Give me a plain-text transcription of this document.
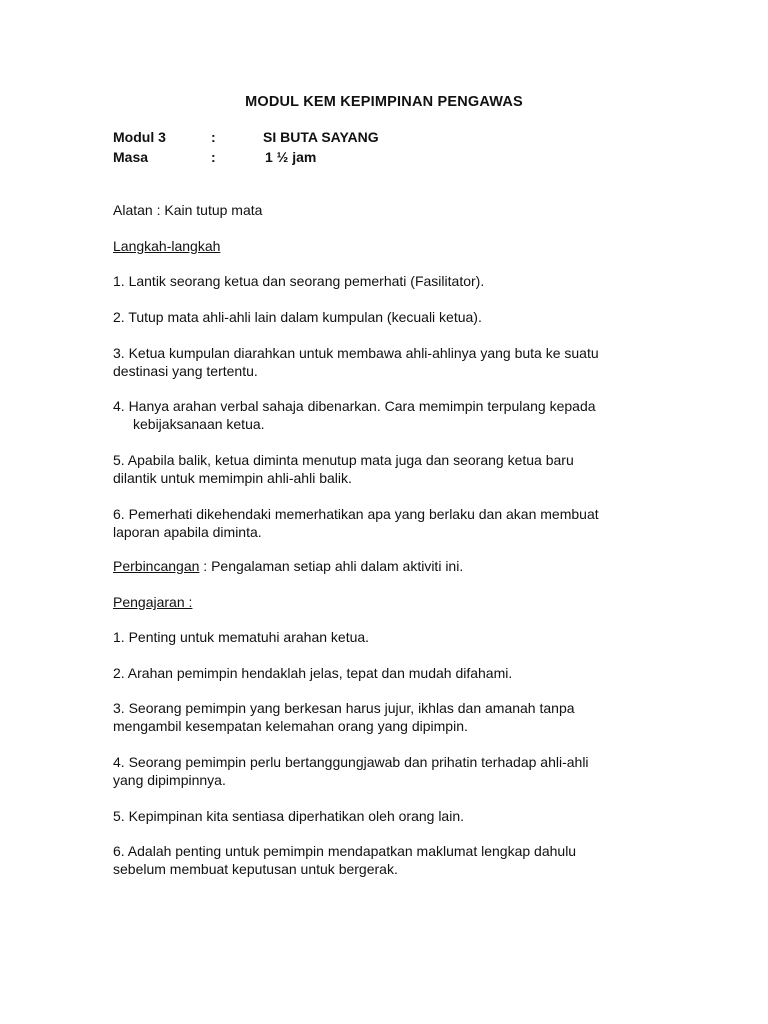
MODUL KEM KEPIMPINAN PENGAWAS
Modul 3	:	SI BUTA SAYANG
Masa	:	1 ½ jam
Alatan : Kain tutup mata
Langkah-langkah

1. Lantik seorang ketua dan seorang pemerhati (Fasilitator).

2. Tutup mata ahli-ahli lain dalam kumpulan (kecuali ketua).

3. Ketua kumpulan diarahkan untuk membawa ahli-ahlinya yang buta ke suatu

destinasi yang tertentu.

4. Hanya arahan verbal sahaja dibenarkan. Cara memimpin terpulang kepada

kebijaksanaan ketua.

5. Apabila balik, ketua diminta menutup mata juga dan seorang ketua baru

dilantik untuk memimpin ahli-ahli balik.

6. Pemerhati dikehendaki memerhatikan apa yang berlaku dan akan membuat

laporan apabila diminta.

Perbincangan : Pengalaman setiap ahli dalam aktiviti ini.
Pengajaran :

1. Penting untuk mematuhi arahan ketua.

2. Arahan pemimpin hendaklah jelas, tepat dan mudah difahami.

3. Seorang pemimpin yang berkesan harus jujur, ikhlas dan amanah tanpa

mengambil kesempatan kelemahan orang yang dipimpin.

4. Seorang pemimpin perlu bertanggungjawab dan prihatin terhadap ahli-ahli

yang dipimpinnya.

5. Kepimpinan kita sentiasa diperhatikan oleh orang lain.

6. Adalah penting untuk pemimpin mendapatkan maklumat lengkap dahulu

sebelum membuat keputusan untuk bergerak.
